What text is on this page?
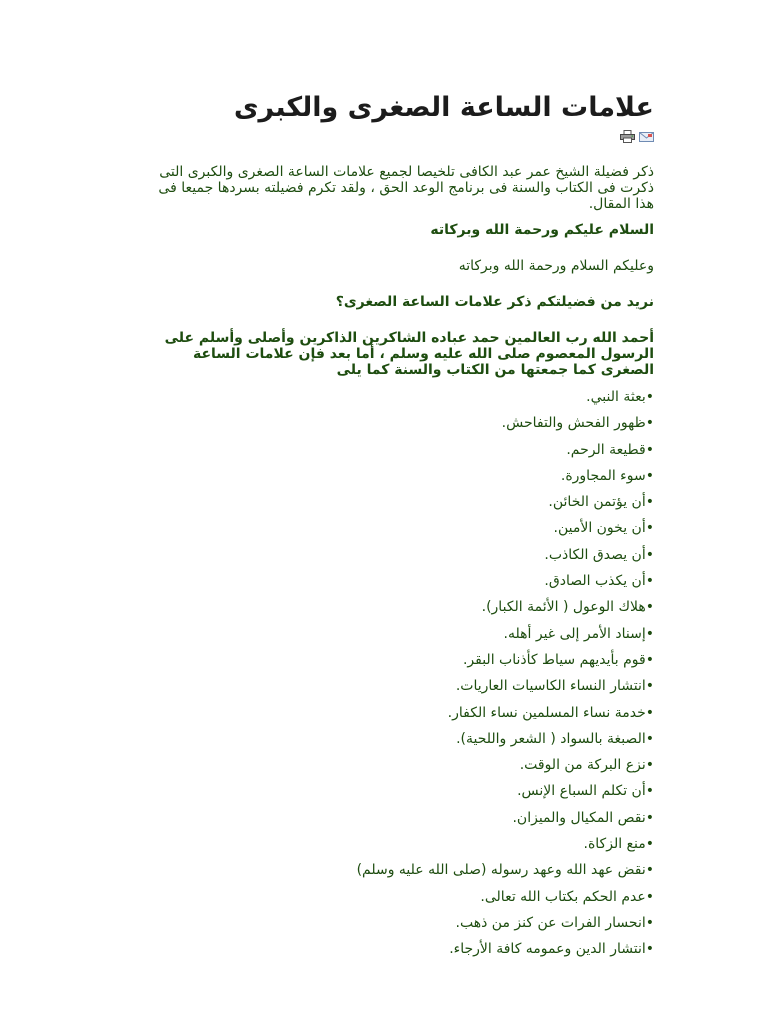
علامات الساعة الصغرى والكبرى
ذكر فضيلة الشيخ عمر عبد الكافى تلخيصا لجميع علامات الساعة الصغرى والكبرى التى ذكرت فى الكتاب والسنة فى برنامج الوعد الحق ، ولقد تكرم فضيلته بسردها جميعا فى هذا المقال.
السلام عليكم ورحمة الله وبركاته
وعليكم السلام ورحمة الله وبركاته
نريد من فضيلتكم ذكر علامات الساعة الصغرى؟
أحمد الله رب العالمين حمد عباده الشاكرين الذاكرين وأصلى وأسلم على الرسول المعصوم صلى الله عليه وسلم ، أما بعد فإن علامات الساعة الصغرى كما جمعتها من الكتاب والسنة كما يلى
•بعثة النبي.
•ظهور الفحش والتفاحش.
•قطيعة الرحم.
•سوء المجاورة.
•أن يؤتمن الخائن.
•أن يخون الأمين.
•أن يصدق الكاذب.
•أن يكذب الصادق.
•هلاك الوعول ( الأئمة الكبار).
•إسناد الأمر إلى غير أهله.
•قوم بأيديهم سياط كأذناب البقر.
•انتشار النساء الكاسيات العاريات.
•خدمة نساء المسلمين نساء الكفار.
•الصبغة بالسواد ( الشعر واللحية).
•نزع البركة من الوقت.
•أن تكلم السباع الإنس.
•نقص المكيال والميزان.
•منع الزكاة.
•نقض عهد الله وعهد رسوله (صلى الله عليه وسلم)
•عدم الحكم بكتاب الله تعالى.
•انحسار الفرات عن كنز من ذهب.
•انتشار الدين وعمومه كافة الأرجاء.
